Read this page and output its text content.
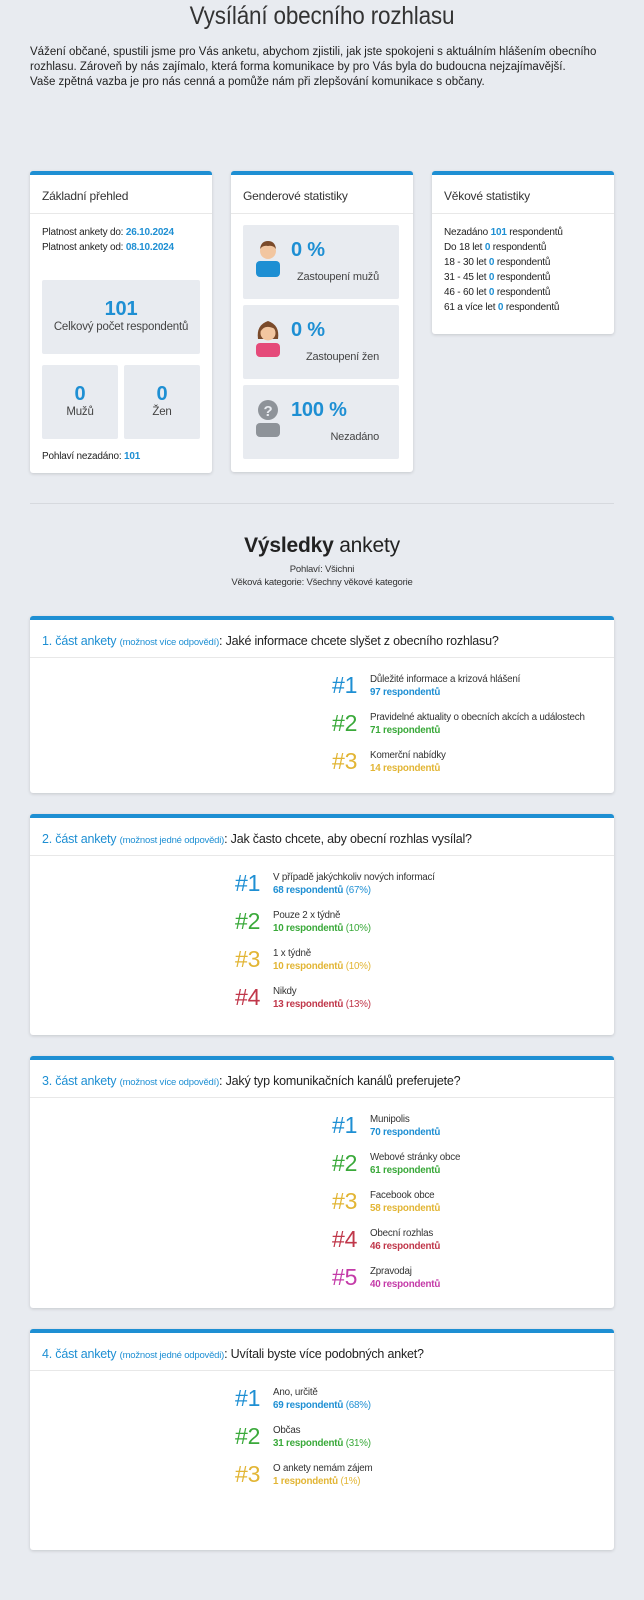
Vysílání obecního rozhlasu

Vážení občané, spustili jsme pro Vás anketu, abychom zjistili, jak jste spokojeni s aktuálním hlášením obecního rozhlasu. Zároveň by nás zajímalo, která forma komunikace by pro Vás byla do budoucna nejzajímavější.

Vaše zpětná vazba je pro nás cenná a pomůže nám při zlepšování komunikace s občany.

Základní přehled
Platnost ankety do: 26.10.2024
Platnost ankety od: 08.10.2024
101
Celkový počet respondentů
0
Mužů
0
Žen
Pohlaví nezadáno: 101
Genderové statistiky
0 %
Zastoupení mužů
0 %
Zastoupení žen
? 100 %
Nezadáno
Věkové statistiky
Nezadáno 101 respondentů
Do 18 let 0 respondentů
18 - 30 let 0 respondentů
31 - 45 let 0 respondentů
46 - 60 let 0 respondentů
61 a více let 0 respondentů
Výsledky ankety
Pohlaví: Všichni
Věková kategorie: Všechny věkové kategorie
1. část ankety (možnost více odpovědí): Jaké informace chcete slyšet z obecního rozhlasu?
#1	Důležité informace a krizová hlášení
97 respondentů
#2	Pravidelné aktuality o obecních akcích a událostech
71 respondentů
#3	Komerční nabídky
14 respondentů
2. část ankety (možnost jedné odpovědi): Jak často chcete, aby obecní rozhlas vysílal?
#1	V případě jakýchkoliv nových informací
68 respondentů (67%)
#2	Pouze 2 x týdně
10 respondentů (10%)
#3	1 x týdně
10 respondentů (10%)
#4	Nikdy
13 respondentů (13%)
3. část ankety (možnost více odpovědí): Jaký typ komunikačních kanálů preferujete?
#1	Munipolis
70 respondentů
#2	Webové stránky obce
61 respondentů
#3	Facebook obce
58 respondentů
#4	Obecní rozhlas
46 respondentů
#5	Zpravodaj
40 respondentů
4. část ankety (možnost jedné odpovědi): Uvítali byste více podobných anket?
#1	Ano, určitě
69 respondentů (68%)
#2	Občas
31 respondentů (31%)
#3	O ankety nemám zájem
1 respondentů (1%)
